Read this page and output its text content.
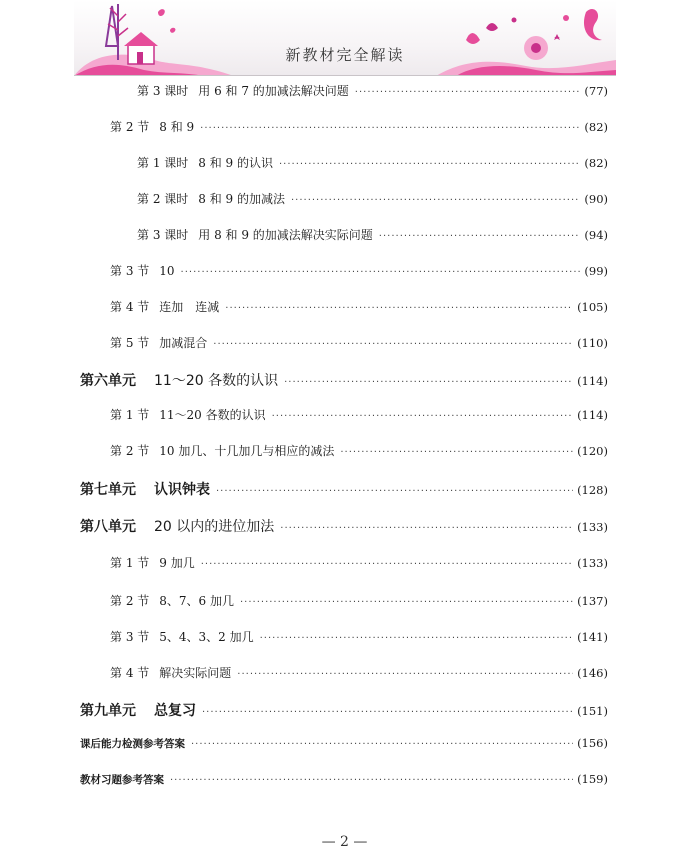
新教材完全解读
第 3 课时 用 6 和 7 的加减法解决问题 ·····	(77)
第 2 节 8 和 9 ·····	(82)
第 1 课时 8 和 9 的认识 ·····	(82)
第 2 课时 8 和 9 的加减法 ·····	(90)
第 3 课时 用 8 和 9 的加减法解决实际问题 ·····	(94)
第 3 节 10 ·····	(99)
第 4 节 连加　连减 ·····	(105)
第 5 节 加减混合 ·····	(110)
第六单元 11～20 各数的认识 ·····	(114)
第 1 节 11～20 各数的认识 ·····	(114)
第 2 节 10 加几、十几加几与相应的减法 ·····	(120)
第七单元 认识钟表 ·····	(128)
第八单元 20 以内的进位加法 ·····	(133)
第 1 节 9 加几 ·····	(133)
第 2 节 8、7、6 加几 ·····	(137)
第 3 节 5、4、3、2 加几 ·····	(141)
第 4 节 解决实际问题 ·····	(146)
第九单元 总复习 ·····	(151)
课后能力检测参考答案 ·····	(156)
教材习题参考答案 ·····	(159)
— 2 —
